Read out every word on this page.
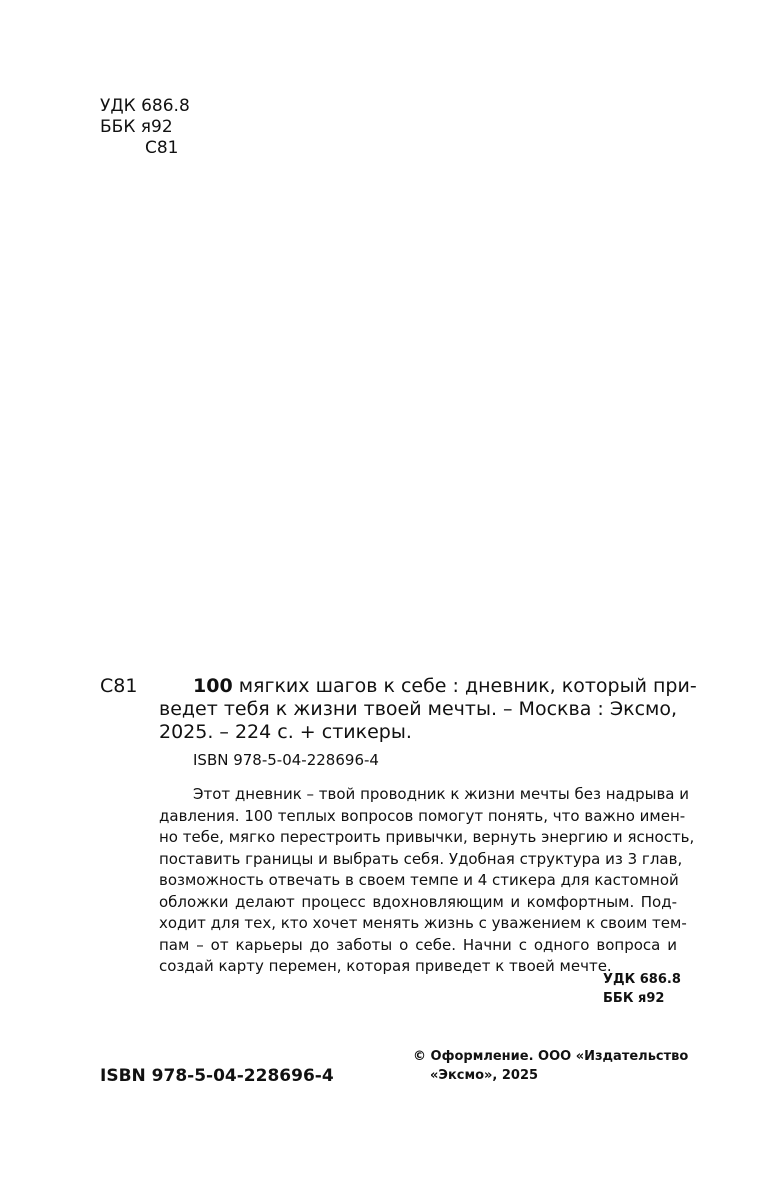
УДК 686.8
ББК я92
С81
С81	100 мягких шагов к себе : дневник, который при-
ведет тебя к жизни твоей мечты. – Москва : Эксмо,
2025. – 224 с. + стикеры.
ISBN 978-5-04-228696-4
Этот дневник – твой проводник к жизни мечты без надрыва и
давления. 100 теплых вопросов помогут понять, что важно имен-
но тебе, мягко перестроить привычки, вернуть энергию и ясность,
поставить границы и выбрать себя. Удобная структура из 3 глав,
возможность отвечать в своем темпе и 4 стикера для кастомной
обложки делают процесс вдохновляющим и комфортным. Под-
ходит для тех, кто хочет менять жизнь с уважением к своим тем-
пам – от карьеры до заботы о себе. Начни с одного вопроса и
создай карту перемен, которая приведет к твоей мечте.
УДК 686.8
ББК я92
ISBN 978-5-04-228696-4
© Оформление. ООО «Издательство
«Эксмо», 2025
